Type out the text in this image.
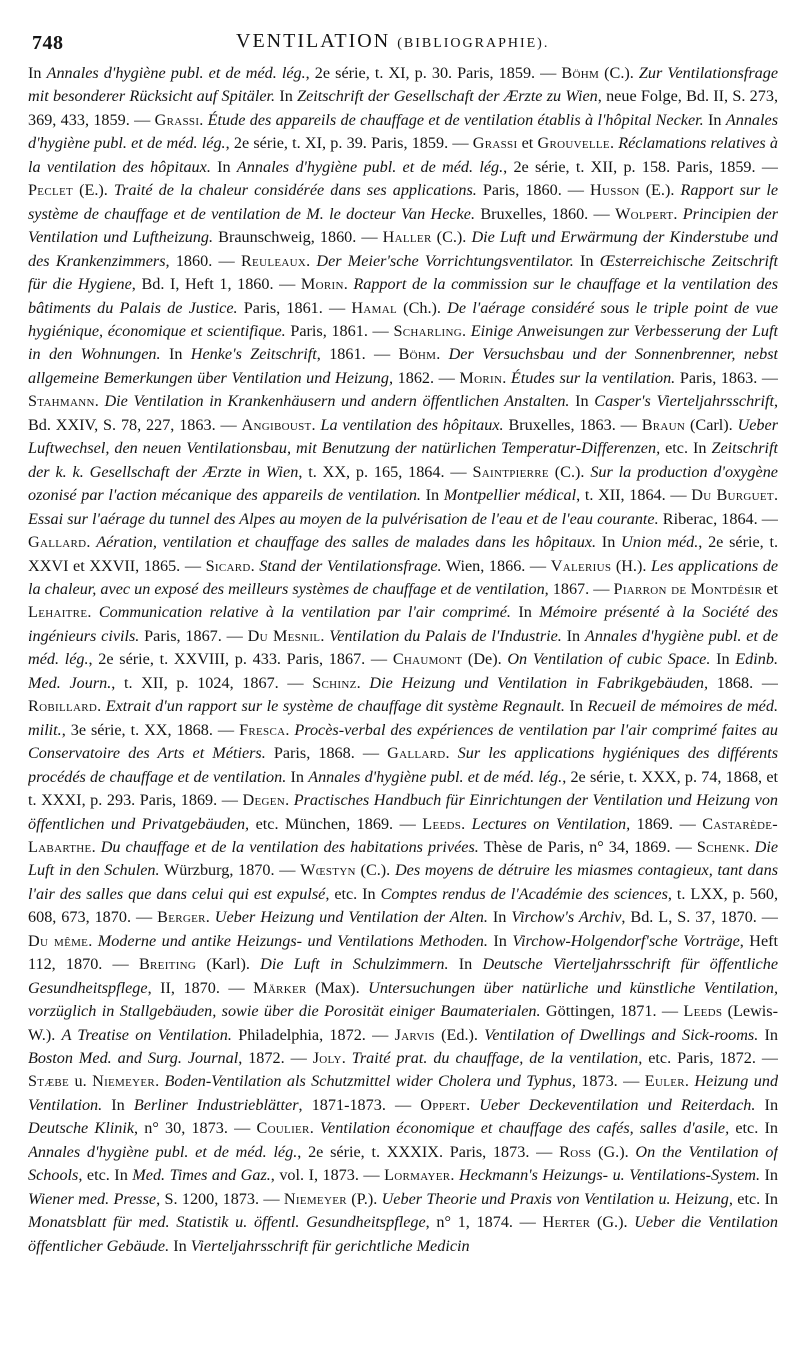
748	VENTILATION (BIBLIOGRAPHIE).

In Annales d'hygiène publ. et de méd. lég., 2e série, t. XI, p. 30. Paris, 1859. — Böhm (C.). Zur Ventilationsfrage mit besonderer Rücksicht auf Spitäler. In Zeitschrift der Gesellschaft der Ærzte zu Wien, neue Folge, Bd. II, S. 273, 369, 433, 1859. — Grassi. Étude des appareils de chauffage et de ventilation établis à l'hôpital Necker. In Annales d'hygiène publ. et de méd. lég., 2e série, t. XI, p. 39. Paris, 1859. — Grassi et Grouvelle. Réclamations relatives à la ventilation des hôpitaux. In Annales d'hygiène publ. et de méd. lég., 2e série, t. XII, p. 158. Paris, 1859. — Peclet (E.). Traité de la chaleur considérée dans ses applications. Paris, 1860. — Husson (E.). Rapport sur le système de chauffage et de ventilation de M. le docteur Van Hecke. Bruxelles, 1860. — Wolpert. Principien der Ventilation und Luftheizung. Braunschweig, 1860. — Haller (C.). Die Luft und Erwärmung der Kinderstube und des Krankenzimmers, 1860. — Reuleaux. Der Meier'sche Vorrichtungsventilator. In Œsterreichische Zeitschrift für die Hygiene, Bd. I, Heft 1, 1860. — Morin. Rapport de la commission sur le chauffage et la ventilation des bâtiments du Palais de Justice. Paris, 1861. — Hamal (Ch.). De l'aérage considéré sous le triple point de vue hygiénique, économique et scientifique. Paris, 1861. — Scharling. Einige Anweisungen zur Verbesserung der Luft in den Wohnungen. In Henke's Zeitschrift, 1861. — Böhm. Der Versuchsbau und der Sonnenbrenner, nebst allgemeine Bemerkungen über Ventilation und Heizung, 1862. — Morin. Études sur la ventilation. Paris, 1863. — Stahmann. Die Ventilation in Krankenhäusern und andern öffentlichen Anstalten. In Casper's Vierteljahrsschrift, Bd. XXIV, S. 78, 227, 1863. — Angiboust. La ventilation des hôpitaux. Bruxelles, 1863. — Braun (Carl). Ueber Luftwechsel, den neuen Ventilationsbau, mit Benutzung der natürlichen Temperatur-Differenzen, etc. In Zeitschrift der k. k. Gesellschaft der Ærzte in Wien, t. XX, p. 165, 1864. — Saintpierre (C.). Sur la production d'oxygène ozonisé par l'action mécanique des appareils de ventilation. In Montpellier médical, t. XII, 1864. — Du Burguet. Essai sur l'aérage du tunnel des Alpes au moyen de la pulvérisation de l'eau et de l'eau courante. Riberac, 1864. — Gallard. Aération, ventilation et chauffage des salles de malades dans les hôpitaux. In Union méd., 2e série, t. XXVI et XXVII, 1865. — Sicard. Stand der Ventilationsfrage. Wien, 1866. — Valerius (H.). Les applications de la chaleur, avec un exposé des meilleurs systèmes de chauffage et de ventilation, 1867. — Piarron de Montdésir et Lehaitre. Communication relative à la ventilation par l'air comprimé. In Mémoire présenté à la Société des ingénieurs civils. Paris, 1867. — Du Mesnil. Ventilation du Palais de l'Industrie. In Annales d'hygiène publ. et de méd. lég., 2e série, t. XXVIII, p. 433. Paris, 1867. — Chaumont (De). On Ventilation of cubic Space. In Edinb. Med. Journ., t. XII, p. 1024, 1867. — Schinz. Die Heizung und Ventilation in Fabrikgebäuden, 1868. — Robillard. Extrait d'un rapport sur le système de chauffage dit système Regnault. In Recueil de mémoires de méd. milit., 3e série, t. XX, 1868. — Fresca. Procès-verbal des expériences de ventilation par l'air comprimé faites au Conservatoire des Arts et Métiers. Paris, 1868. — Gallard. Sur les applications hygiéniques des différents procédés de chauffage et de ventilation. In Annales d'hygiène publ. et de méd. lég., 2e série, t. XXX, p. 74, 1868, et t. XXXI, p. 293. Paris, 1869. — Degen. Practisches Handbuch für Einrichtungen der Ventilation und Heizung von öffentlichen und Privatgebäuden, etc. München, 1869. — Leeds. Lectures on Ventilation, 1869. — Castarède-Labarthe. Du chauffage et de la ventilation des habitations privées. Thèse de Paris, n° 34, 1869. — Schenk. Die Luft in den Schulen. Würzburg, 1870. — Wœstyn (C.). Des moyens de détruire les miasmes contagieux, tant dans l'air des salles que dans celui qui est expulsé, etc. In Comptes rendus de l'Académie des sciences, t. LXX, p. 560, 608, 673, 1870. — Berger. Ueber Heizung und Ventilation der Alten. In Virchow's Archiv, Bd. L, S. 37, 1870. — Du même. Moderne und antike Heizungs- und Ventilations Methoden. In Virchow-Holgendorf'sche Vorträge, Heft 112, 1870. — Breiting (Karl). Die Luft in Schulzimmern. In Deutsche Vierteljahrsschrift für öffentliche Gesundheitspflege, II, 1870. — Märker (Max). Untersuchungen über natürliche und künstliche Ventilation, vorzüglich in Stallgebäuden, sowie über die Porosität einiger Baumaterialen. Göttingen, 1871. — Leeds (Lewis-W.). A Treatise on Ventilation. Philadelphia, 1872. — Jarvis (Ed.). Ventilation of Dwellings and Sick-rooms. In Boston Med. and Surg. Journal, 1872. — Joly. Traité prat. du chauffage, de la ventilation, etc. Paris, 1872. — Stæbe u. Niemeyer. Boden-Ventilation als Schutzmittel wider Cholera und Typhus, 1873. — Euler. Heizung und Ventilation. In Berliner Industrieblätter, 1871-1873. — Oppert. Ueber Deckeventilation und Reiterdach. In Deutsche Klinik, n° 30, 1873. — Coulier. Ventilation économique et chauffage des cafés, salles d'asile, etc. In Annales d'hygiène publ. et de méd. lég., 2e série, t. XXXIX. Paris, 1873. — Ross (G.). On the Ventilation of Schools, etc. In Med. Times and Gaz., vol. I, 1873. — Lormayer. Heckmann's Heizungs- u. Ventilations-System. In Wiener med. Presse, S. 1200, 1873. — Niemeyer (P.). Ueber Theorie und Praxis von Ventilation u. Heizung, etc. In Monatsblatt für med. Statistik u. öffentl. Gesundheitspflege, n° 1, 1874. — Herter (G.). Ueber die Ventilation öffentlicher Gebäude. In Vierteljahrsschrift für gerichtliche Medicin
